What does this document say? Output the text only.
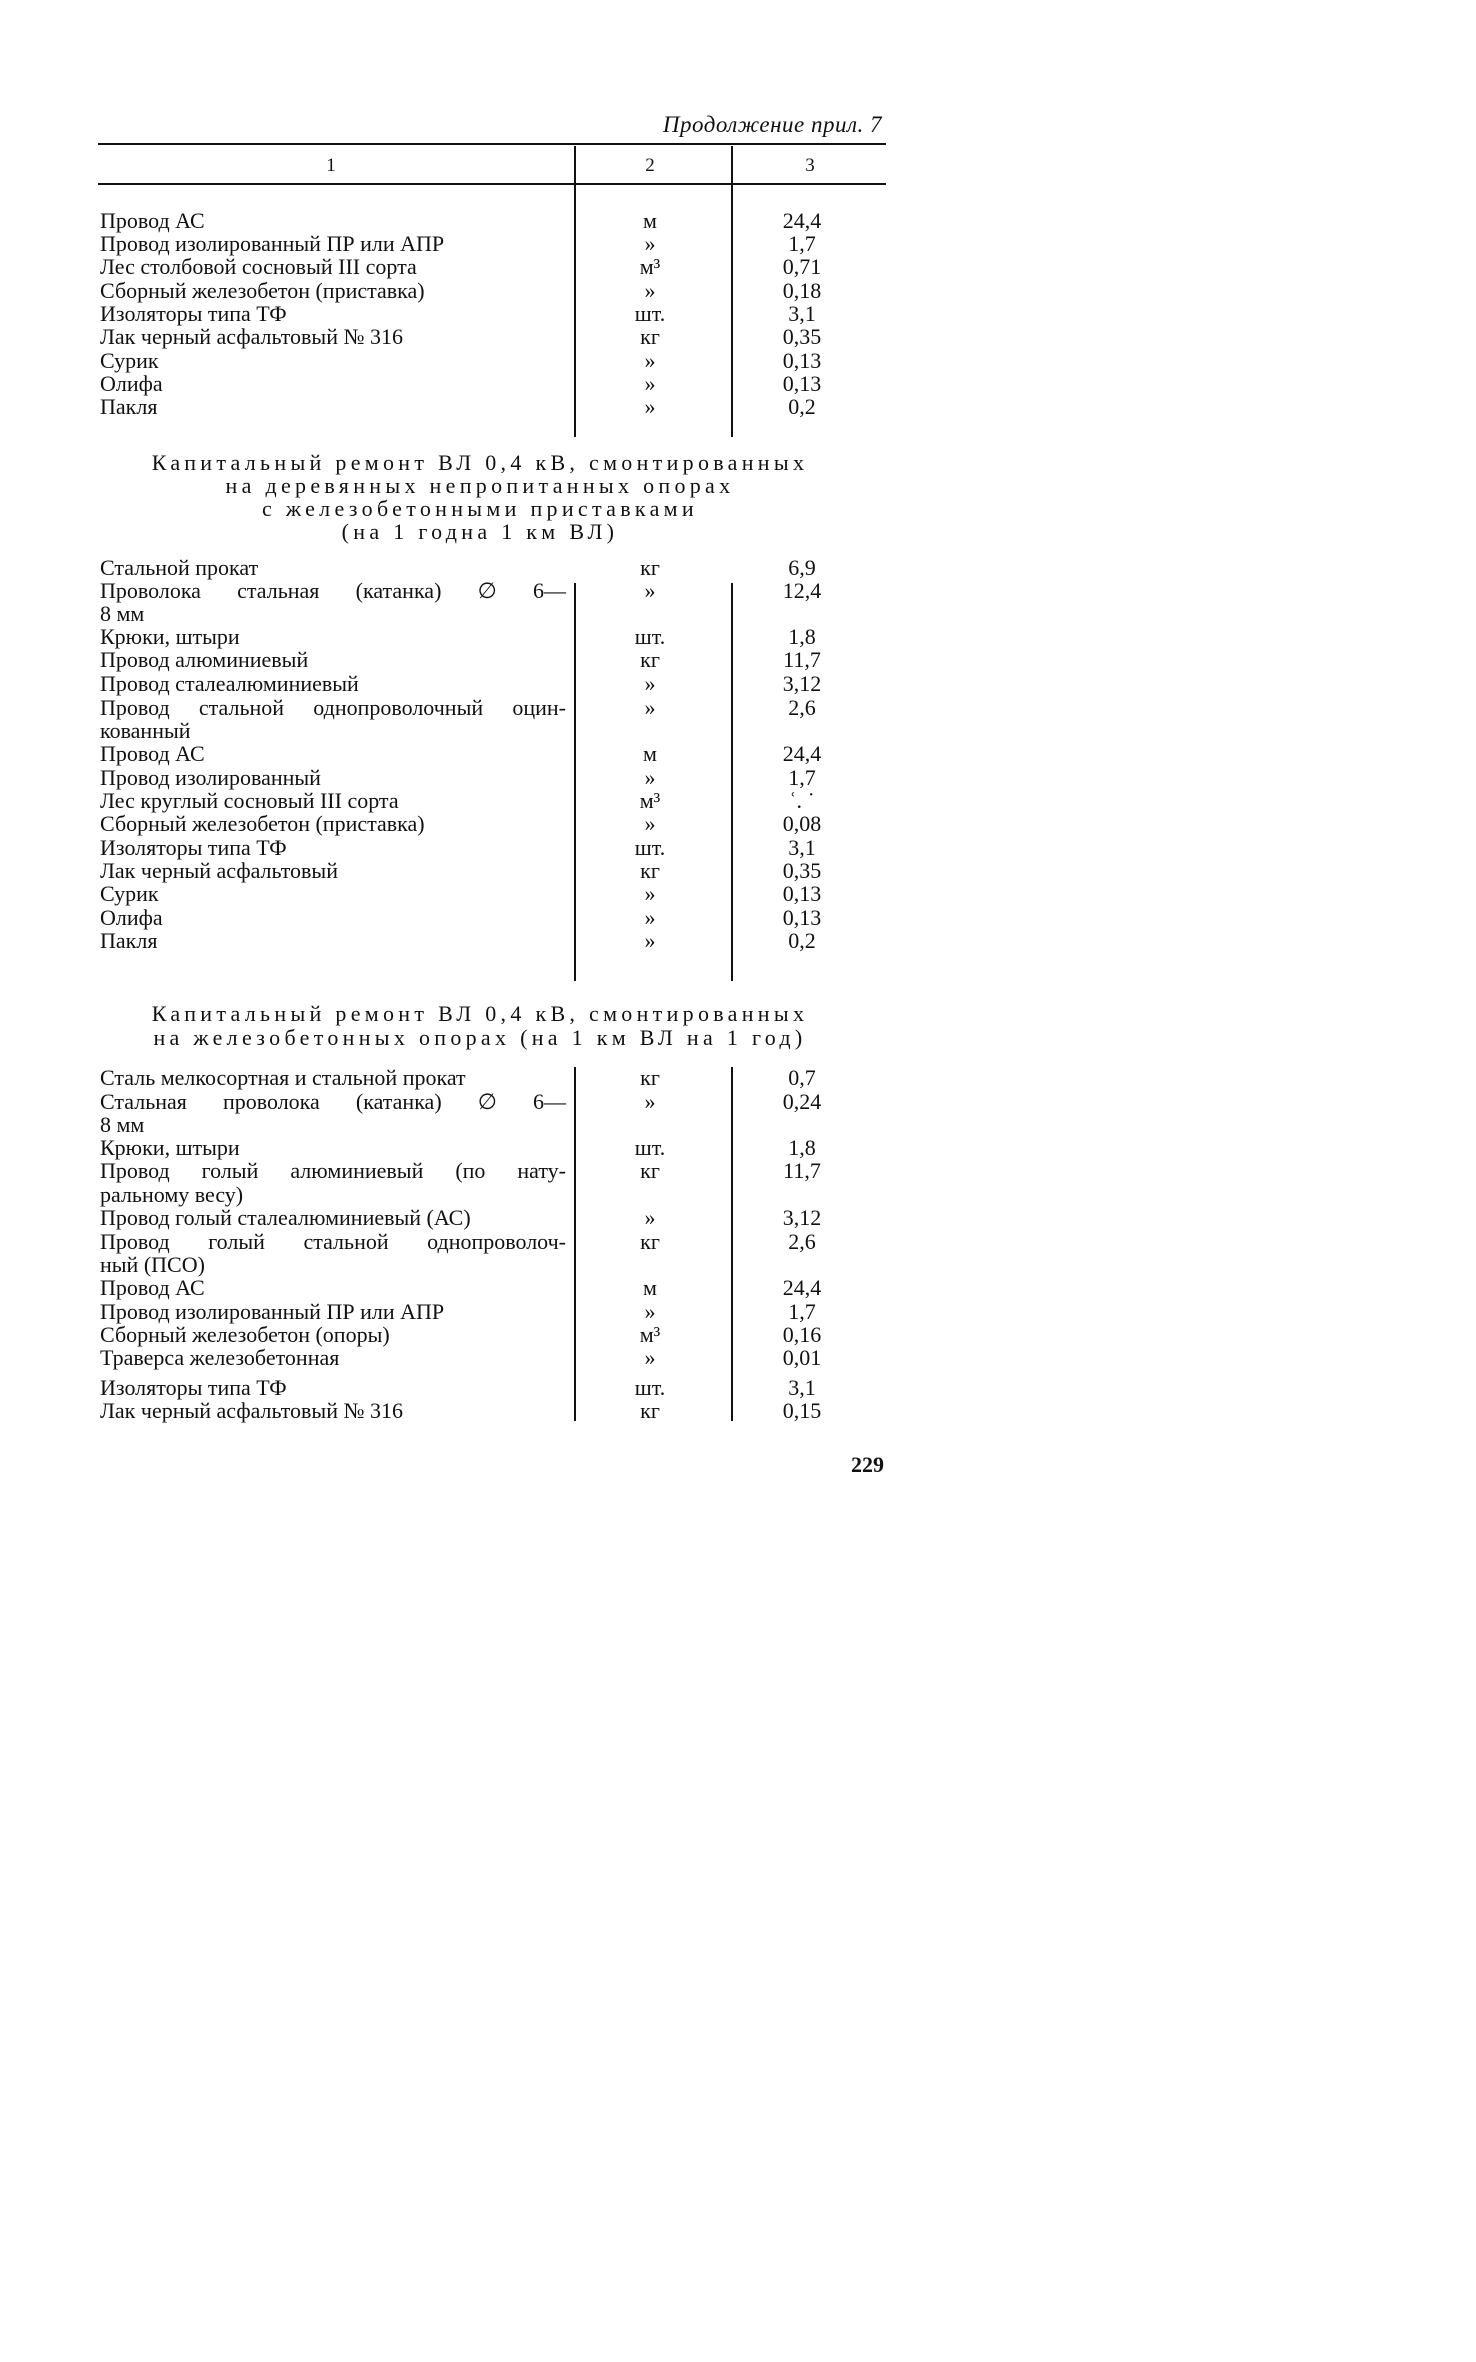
Продолжение прил. 7
1	2	3
Провод АС	м	24,4
Провод изолированный ПР или АПР	»	1,7
Лес столбовой сосновый III сорта	м³	0,71
Сборный железобетон (приставка)	»	0,18
Изоляторы типа ТФ	шт.	3,1
Лак черный асфальтовый № 316	кг	0,35
Сурик	»	0,13
Олифа	»	0,13
Пакля	»	0,2
Капитальный ремонт ВЛ 0,4 кВ, смонтированных
на деревянных непропитанных опорах
с железобетонными приставками
(на 1 годна 1 км ВЛ)
Стальной прокат	кг	6,9
Проволока стальная (катанка) ∅ 6—	»	12,4
8 мм
Крюки, штыри	шт.	1,8
Провод алюминиевый	кг	11,7
Провод сталеалюминиевый	»	3,12
Провод стальной однопроволочный оцин-	»	2,6
кованный
Провод АС	м	24,4
Провод изолированный	»	1,7
Лес круглый сосновый III сорта	м³	ʿ. ˙
Сборный железобетон (приставка)	»	0,08
Изоляторы типа ТФ	шт.	3,1
Лак черный асфальтовый	кг	0,35
Сурик	»	0,13
Олифа	»	0,13
Пакля	»	0,2
Капитальный ремонт ВЛ 0,4 кВ, смонтированных
на железобетонных опорах (на 1 км ВЛ на 1 год)
Сталь мелкосортная и стальной прокат	кг	0,7
Стальная проволока (катанка) ∅ 6—	»	0,24
8 мм
Крюки, штыри	шт.	1,8
Провод голый алюминиевый (по нату-	кг	11,7
ральному весу)
Провод голый сталеалюминиевый (АС)	»	3,12
Провод голый стальной однопроволоч-	кг	2,6
ный (ПСО)
Провод АС	м	24,4
Провод изолированный ПР или АПР	»	1,7
Сборный железобетон (опоры)	м³	0,16
Траверса железобетонная	»	0,01
Изоляторы типа ТФ	шт.	3,1
Лак черный асфальтовый № 316	кг	0,15
229
